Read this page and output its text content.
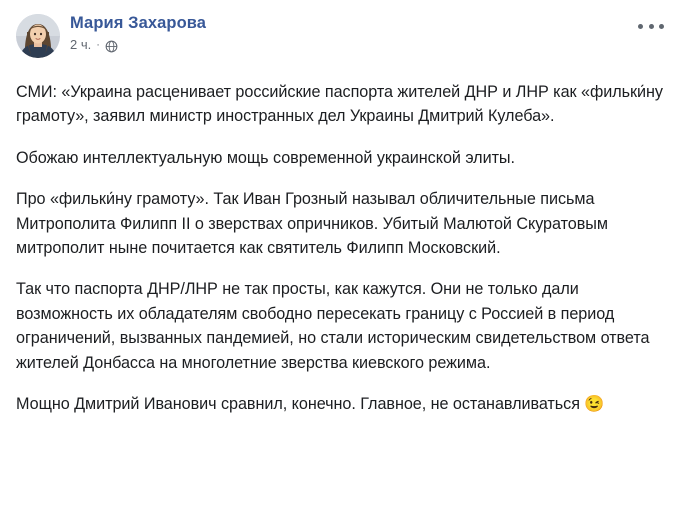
Мария Захарова
2 ч. ·

СМИ: «Украина расценивает российские паспорта жителей ДНР и ЛНР как «фильки́ну грамоту», заявил министр иностранных дел Украины Дмитрий Кулеба».

Обожаю интеллектуальную мощь современной украинской элиты.

Про «фильки́ну грамоту». Так Иван Грозный называл обличительные письма Митрополита Филипп II о зверствах опричников. Убитый Малютой Скуратовым митрополит ныне почитается как святитель Филипп Московский.

Так что паспорта ДНР/ЛНР не так просты, как кажутся. Они не только дали возможность их обладателям свободно пересекать границу с Россией в период ограничений, вызванных пандемией, но стали историческим свидетельством ответа жителей Донбасса на многолетние зверства киевского режима.

Мощно Дмитрий Иванович сравнил, конечно. Главное, не останавливаться 😉
